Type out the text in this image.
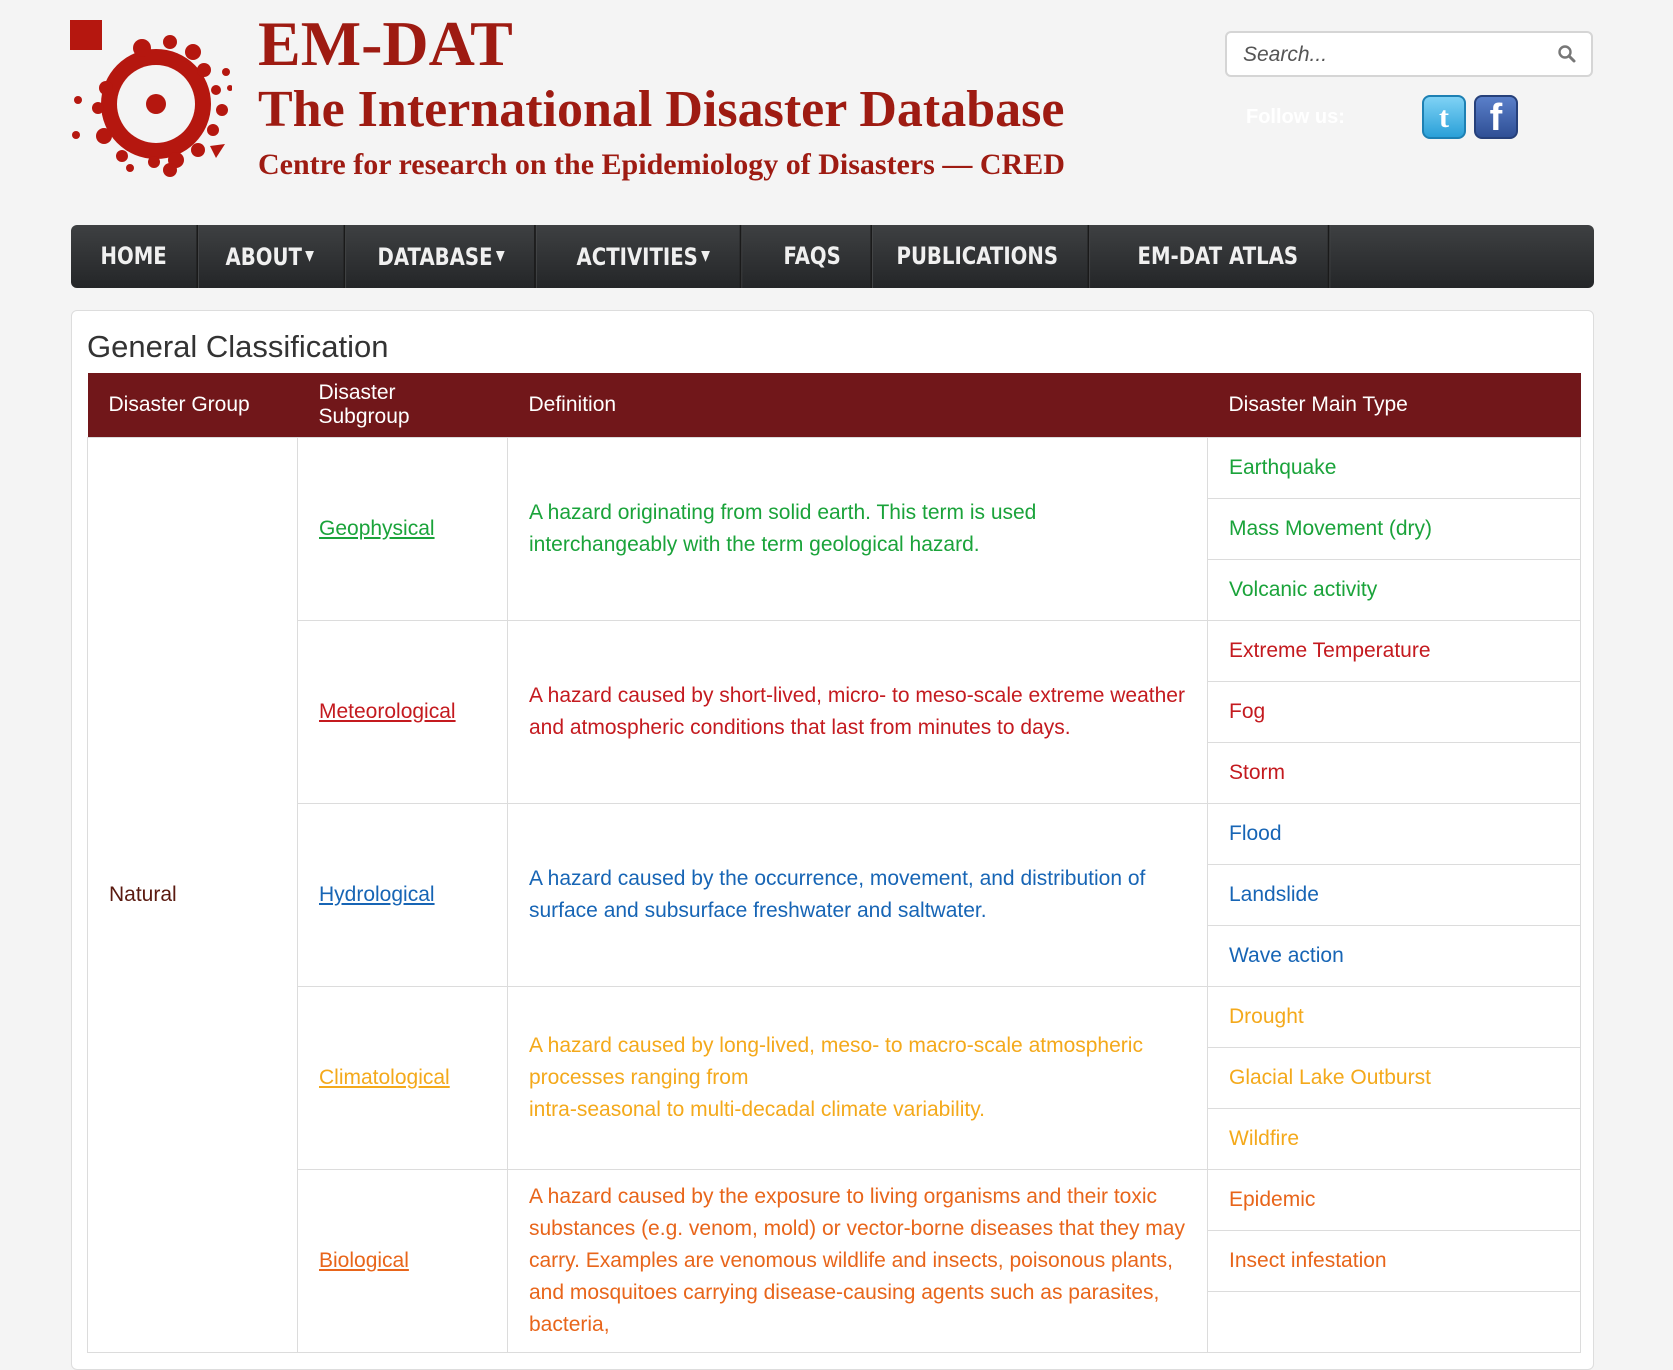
EM-DAT
The International Disaster Database
Centre for research on the Epidemiology of Disasters — CRED
Search...
Follow us:	t	f
HOME	ABOUT ▼	DATABASE ▼	ACTIVITIES ▼	FAQS	PUBLICATIONS	EM-DAT ATLAS
General Classification
Disaster Group	Disaster Subgroup	Definition	Disaster Main Type
Natural	Geophysical	A hazard originating from solid earth. This term is used interchangeably with the term geological hazard.	Earthquake
			Mass Movement (dry)
			Volcanic activity
	Meteorological	A hazard caused by short-lived, micro- to meso-scale extreme weather and atmospheric conditions that last from minutes to days.	Extreme Temperature
			Fog
			Storm
	Hydrological	A hazard caused by the occurrence, movement, and distribution of surface and subsurface freshwater and saltwater.	Flood
			Landslide
			Wave action
	Climatological	A hazard caused by long-lived, meso- to macro-scale atmospheric processes ranging from
intra-seasonal to multi-decadal climate variability.	Drought
			Glacial Lake Outburst
			Wildfire
	Biological	A hazard caused by the exposure to living organisms and their toxic substances (e.g. venom, mold) or vector-borne diseases that they may carry. Examples are venomous wildlife and insects, poisonous plants, and mosquitoes carrying disease-causing agents such as parasites, bacteria,	Epidemic
			Insect infestation
